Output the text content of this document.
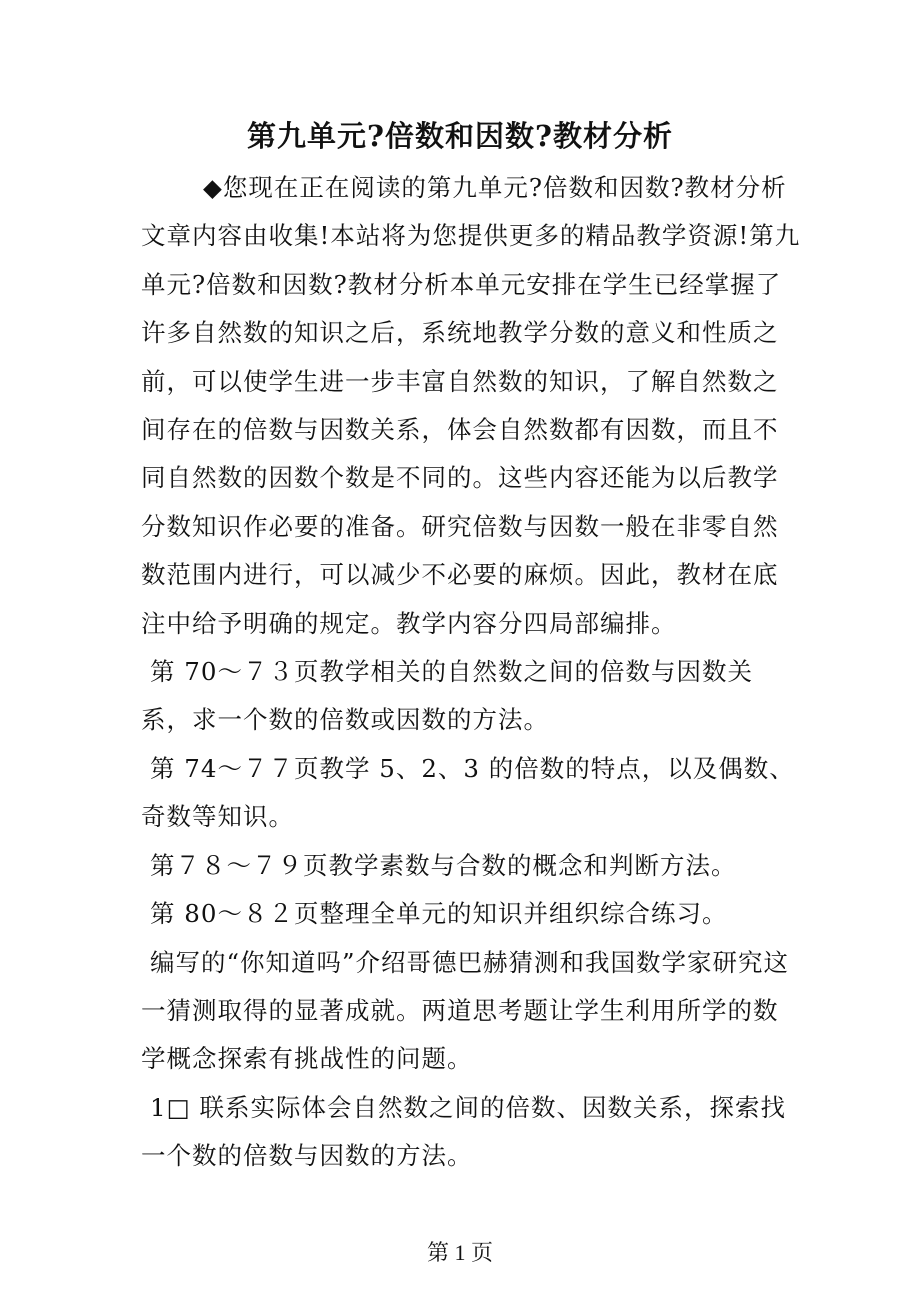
第九单元?倍数和因数?教材分析

◆您现在正在阅读的第九单元?倍数和因数?教材分析文章内容由收集!本站将为您提供更多的精品教学资源!第九单元?倍数和因数?教材分析本单元安排在学生已经掌握了许多自然数的知识之后，系统地教学分数的意义和性质之前，可以使学生进一步丰富自然数的知识，了解自然数之间存在的倍数与因数关系，体会自然数都有因数，而且不同自然数的因数个数是不同的。这些内容还能为以后教学分数知识作必要的准备。研究倍数与因数一般在非零自然数范围内进行，可以减少不必要的麻烦。因此，教材在底注中给予明确的规定。教学内容分四局部编排。

第 70～７３页教学相关的自然数之间的倍数与因数关系，求一个数的倍数或因数的方法。

第 74～７７页教学 5、2、3 的倍数的特点，以及偶数、奇数等知识。

第７８～７９页教学素数与合数的概念和判断方法。

第 80～８２页整理全单元的知识并组织综合练习。

编写的“你知道吗”介绍哥德巴赫猜测和我国数学家研究这一猜测取得的显著成就。两道思考题让学生利用所学的数学概念探索有挑战性的问题。

1□ 联系实际体会自然数之间的倍数、因数关系，探索找一个数的倍数与因数的方法。

第 1 页
